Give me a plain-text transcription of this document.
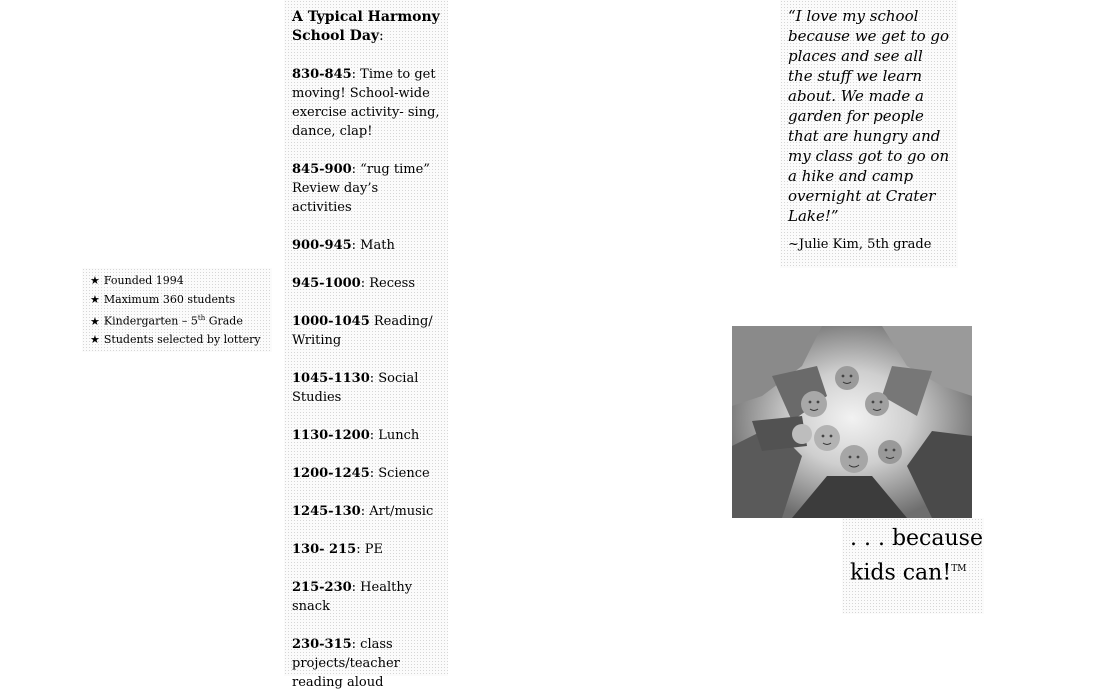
★ Founded 1994
★ Maximum 360 students
★ Kindergarten – 5th Grade
★ Students selected by lottery
A Typical Harmony
School Day:
830-845: Time to get moving! School-wide exercise activity- sing, dance, clap!
845-900: “rug time” Review day’s activities
900-945: Math
945-1000: Recess
1000-1045 Reading/ Writing
1045-1130: Social Studies
1130-1200: Lunch
1200-1245: Science
1245-130: Art/music
130- 215: PE
215-230: Healthy snack
230-315: class projects/teacher reading aloud

“I love my school because we get to go places and see all the stuff we learn about. We made a garden for people that are hungry and my class got to go on a hike and camp overnight at Crater Lake!”

~Julie Kim, 5th grade

. . . because
kids can!™
